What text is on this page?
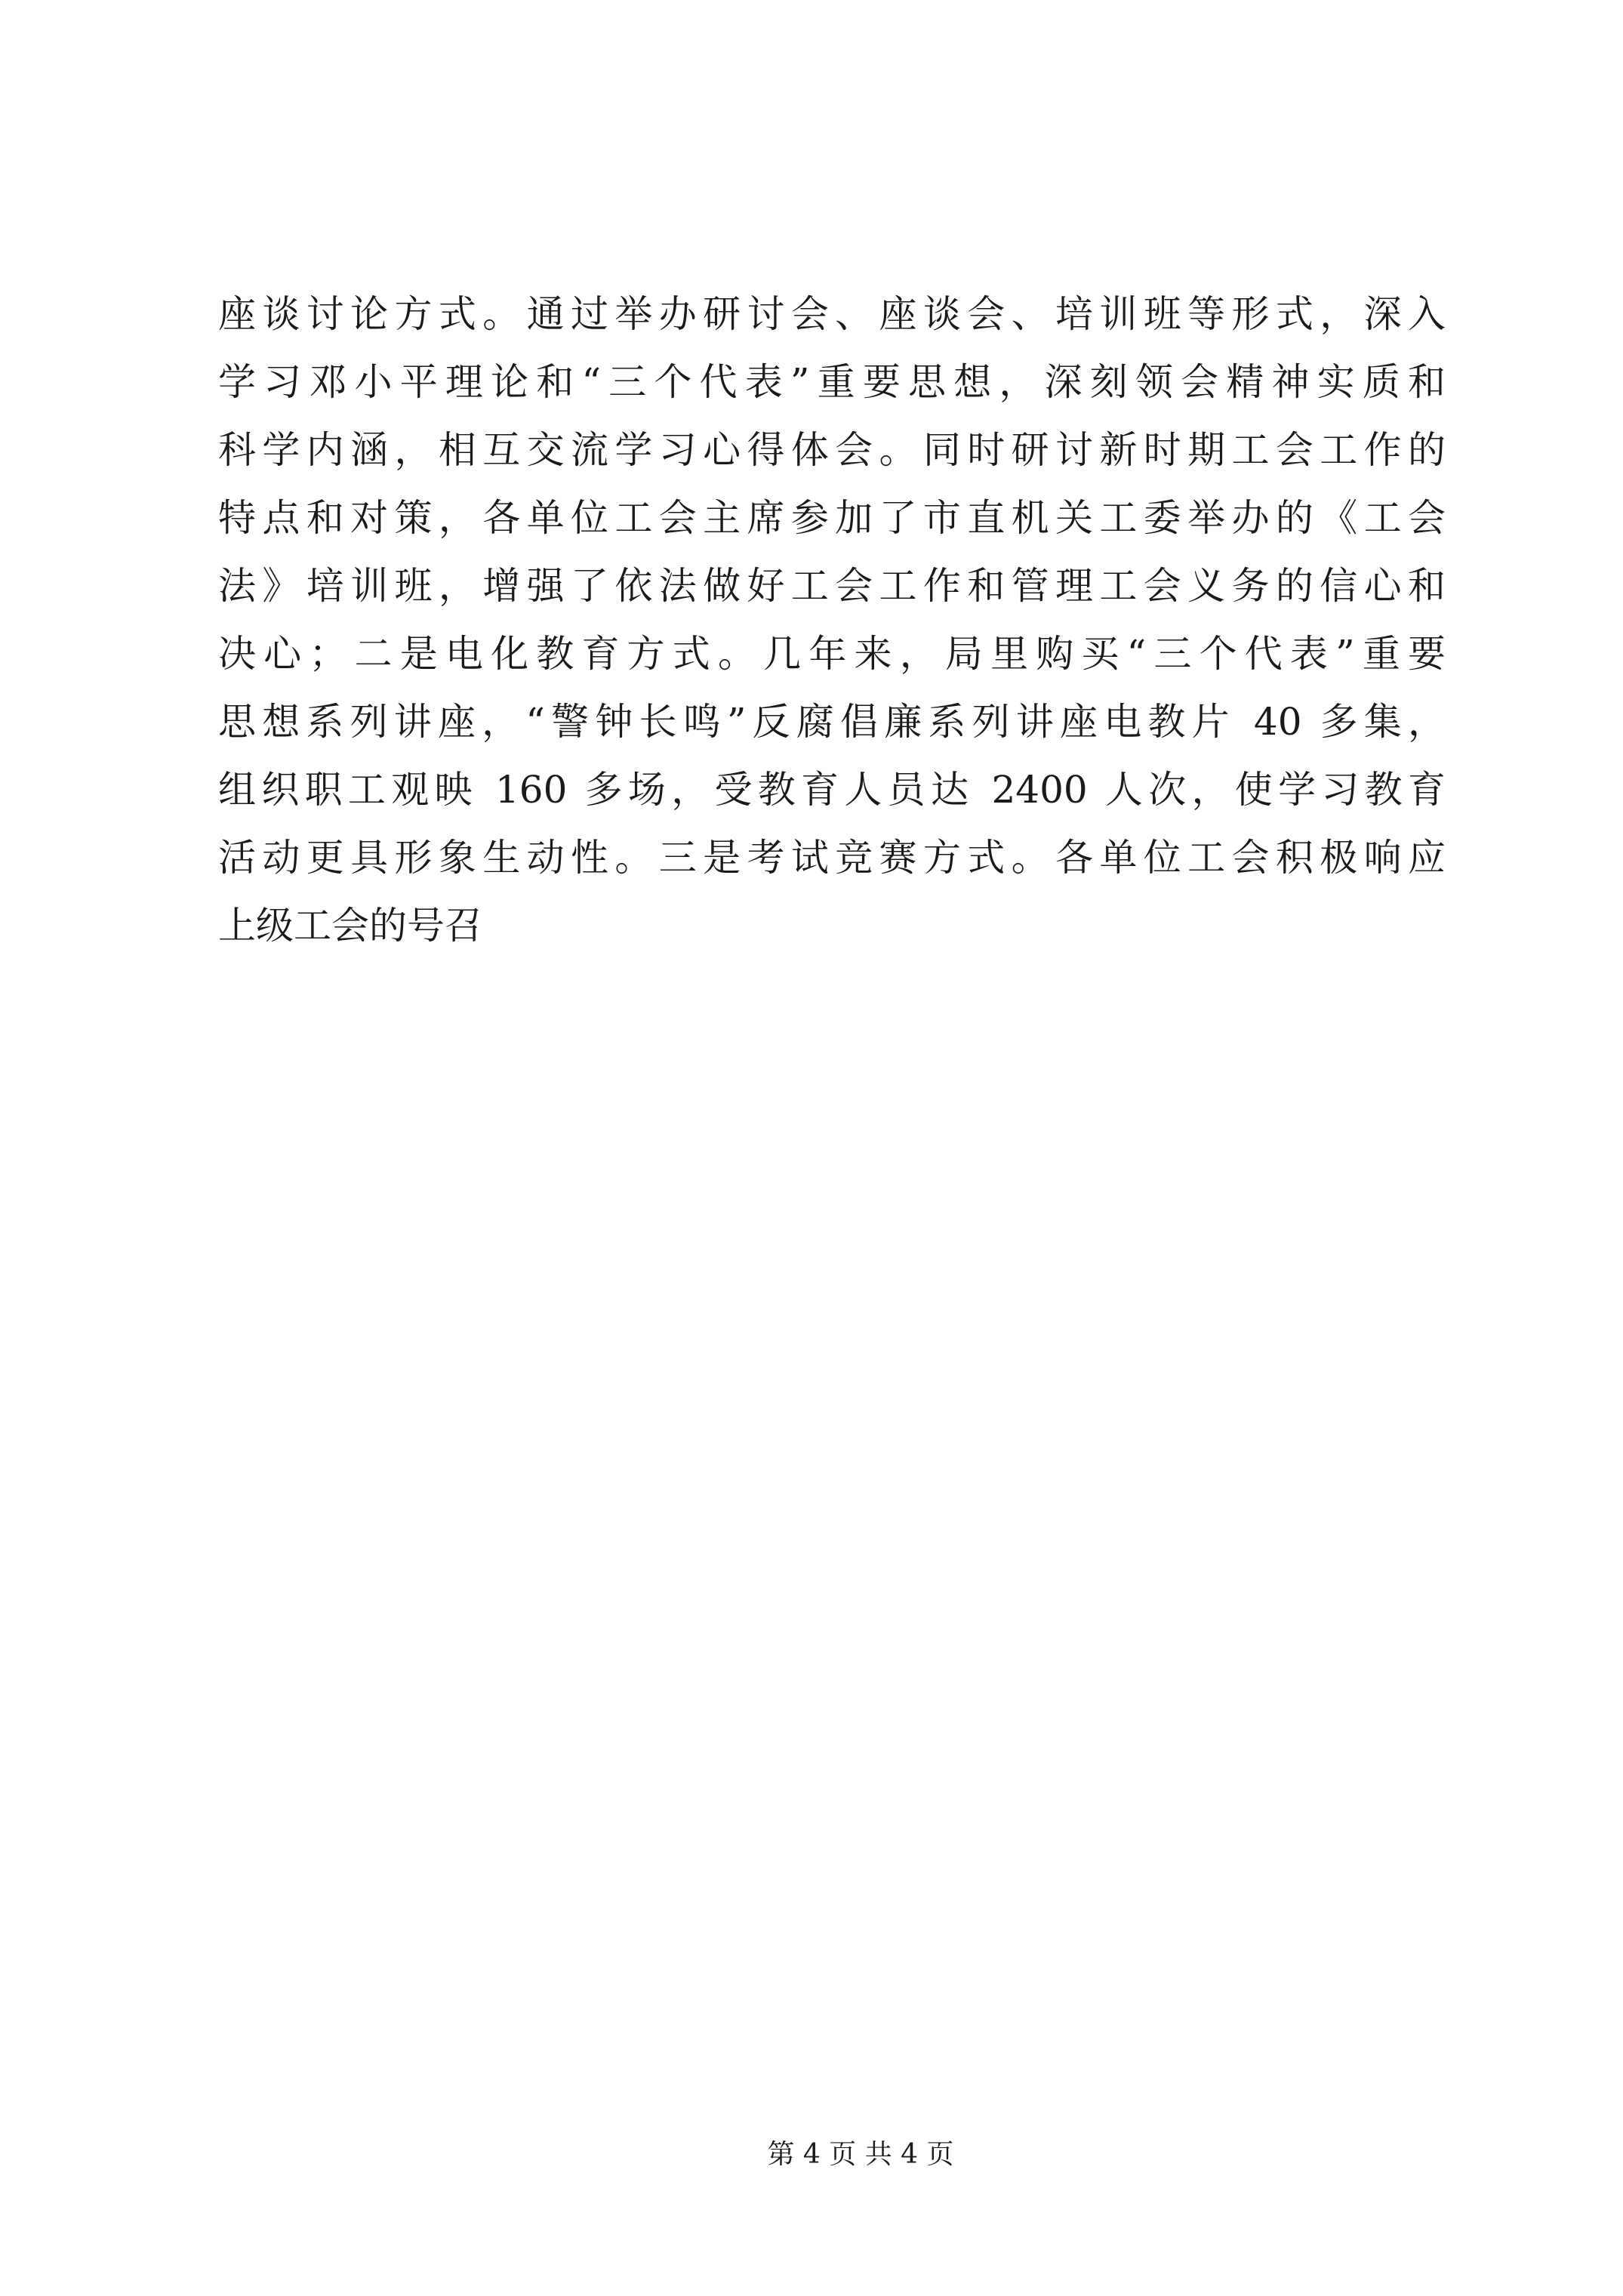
座谈讨论方式。通过举办研讨会、座谈会、培训班等形式，深入
学习邓小平理论和“三个代表”重要思想，深刻领会精神实质和
科学内涵，相互交流学习心得体会。同时研讨新时期工会工作的
特点和对策，各单位工会主席参加了市直机关工委举办的《工会
法》培训班，增强了依法做好工会工作和管理工会义务的信心和
决心；二是电化教育方式。几年来，局里购买“三个代表”重要
思想系列讲座，“警钟长鸣”反腐倡廉系列讲座电教片 40 多集，
组织职工观映 160 多场，受教育人员达 2400 人次，使学习教育
活动更具形象生动性。三是考试竞赛方式。各单位工会积极响应
上级工会的号召
第 4 页 共 4 页
